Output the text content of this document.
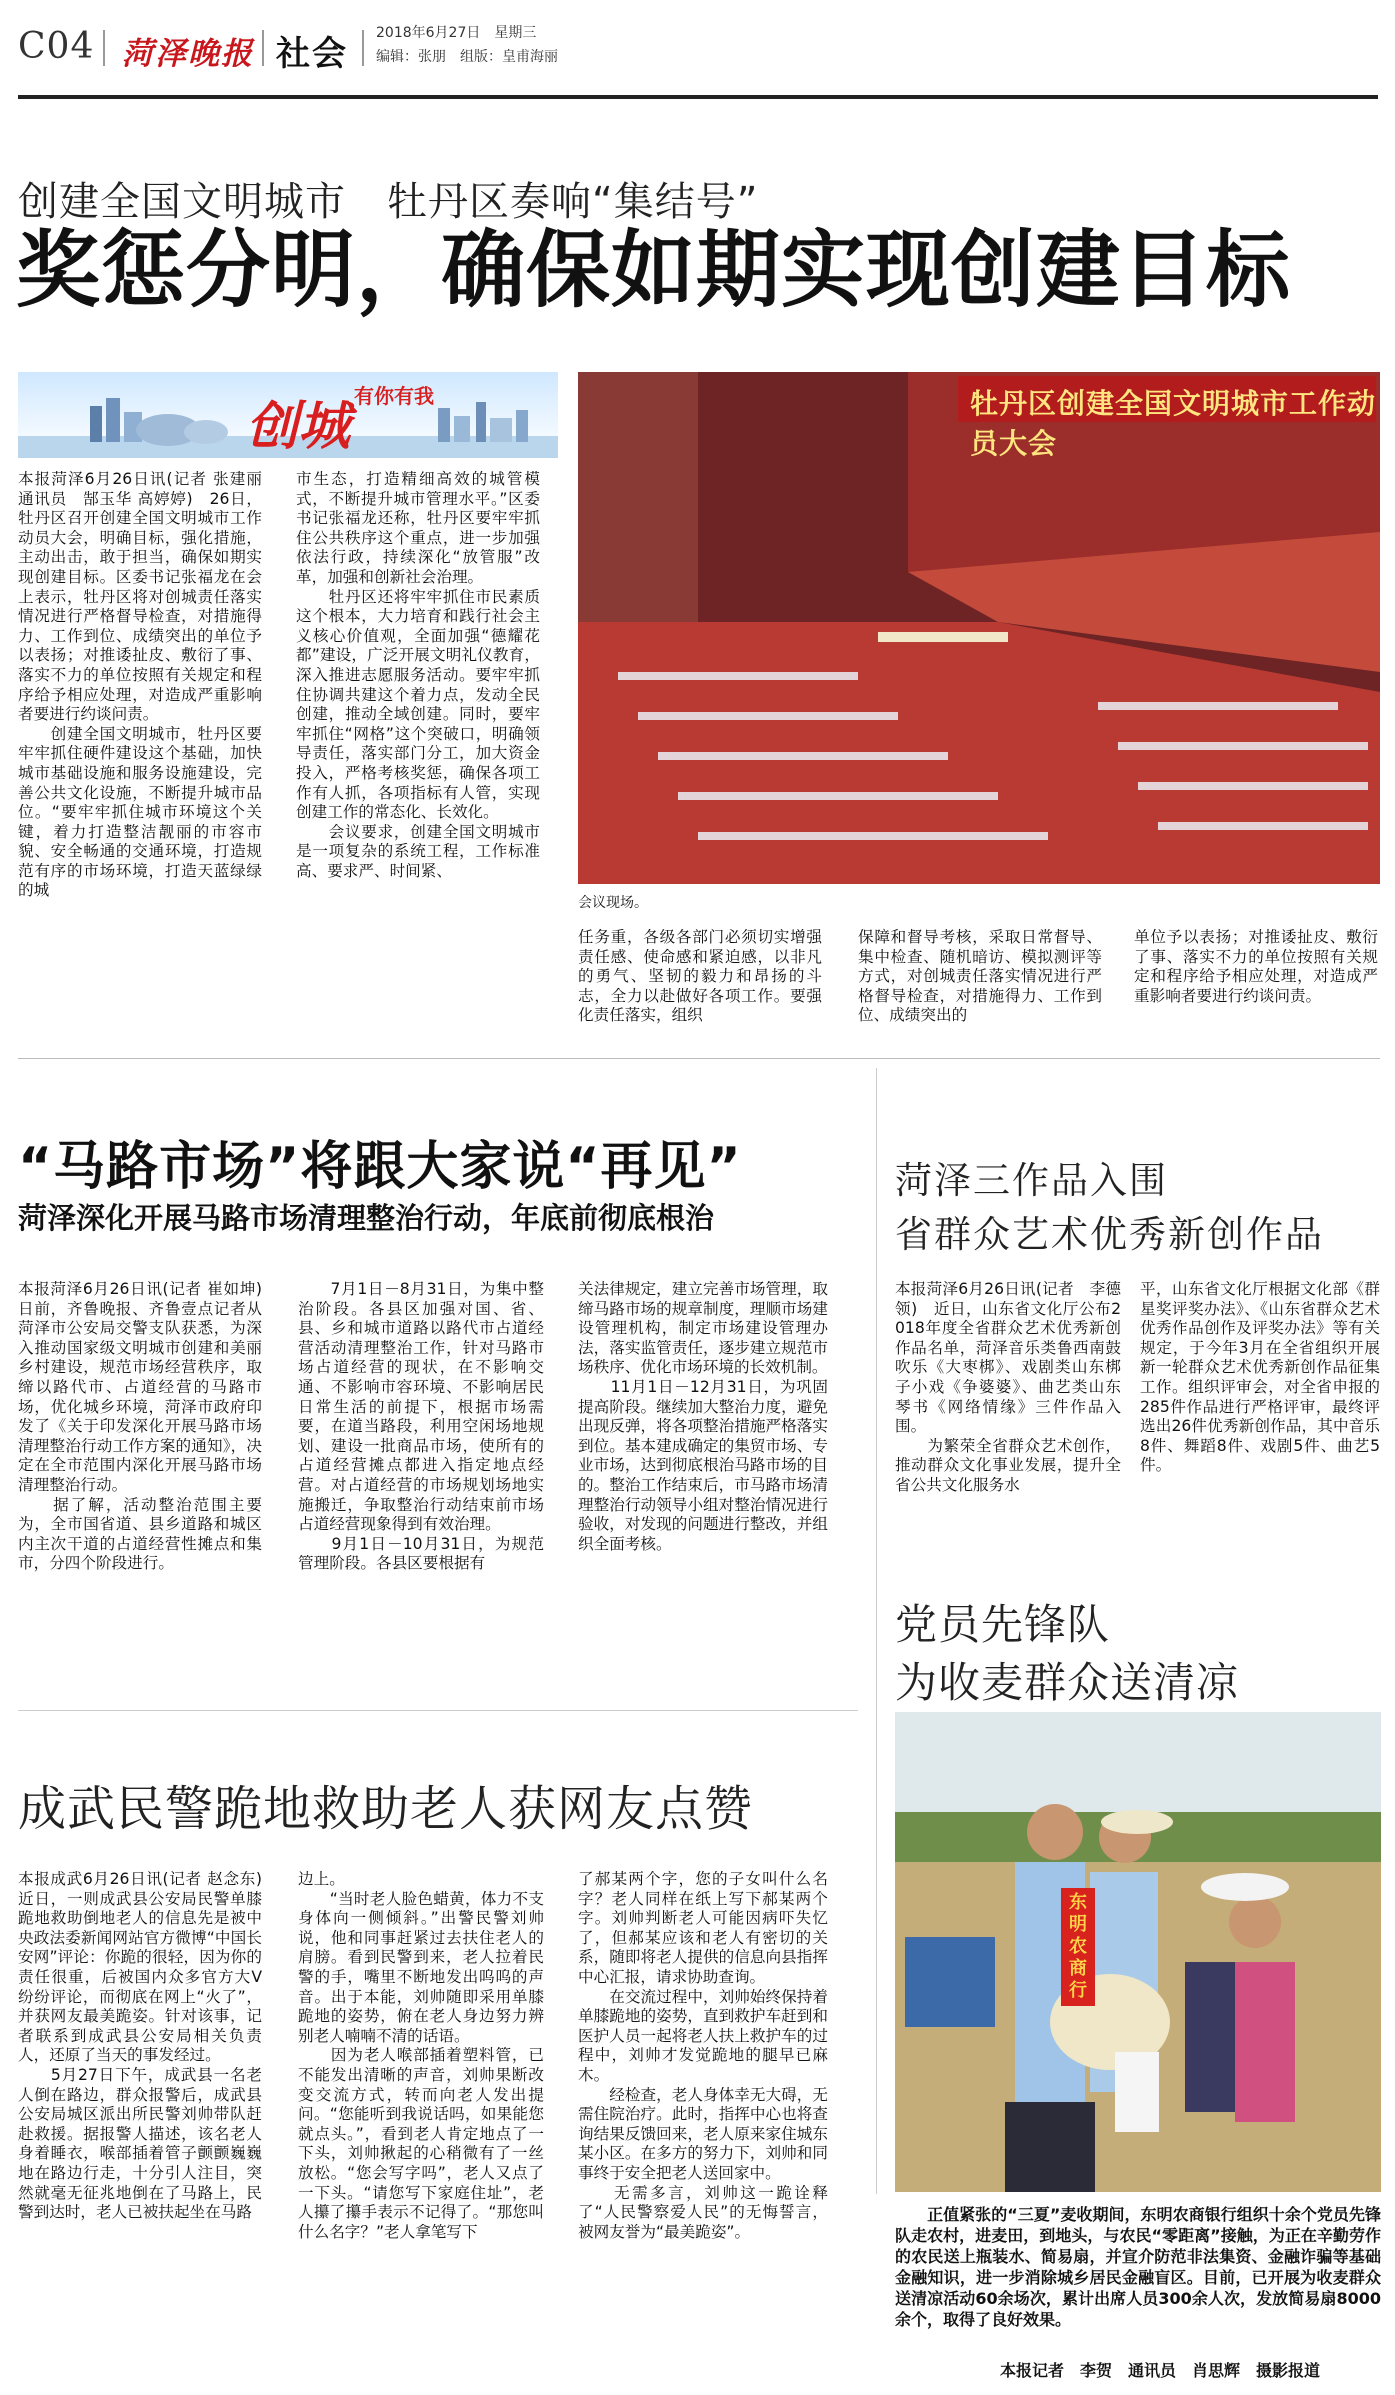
C04 菏泽晚报 社会
2018年6月27日　星期三
编辑：张朋　组版：皇甫海丽
创建全国文明城市　牡丹区奏响“集结号”
奖惩分明，确保如期实现创建目标
创城 有你有我	牡丹区创建全国文明城市工作动员大会
会议现场。

本报菏泽6月26日讯(记者 张建丽　通讯员　郜玉华 高婷婷)　26日，牡丹区召开创建全国文明城市工作动员大会，明确目标，强化措施，主动出击，敢于担当，确保如期实现创建目标。区委书记张福龙在会上表示，牡丹区将对创城责任落实情况进行严格督导检查，对措施得力、工作到位、成绩突出的单位予以表扬；对推诿扯皮、敷衍了事、落实不力的单位按照有关规定和程序给予相应处理，对造成严重影响者要进行约谈问责。
　　创建全国文明城市，牡丹区要牢牢抓住硬件建设这个基础，加快城市基础设施和服务设施建设，完善公共文化设施，不断提升城市品位。“要牢牢抓住城市环境这个关键，着力打造整洁靓丽的市容市貌、安全畅通的交通环境，打造规范有序的市场环境，打造天蓝绿绿的城

市生态，打造精细高效的城管模式，不断提升城市管理水平。”区委书记张福龙还称，牡丹区要牢牢抓住公共秩序这个重点，进一步加强依法行政，持续深化“放管服”改革，加强和创新社会治理。
　　牡丹区还将牢牢抓住市民素质这个根本，大力培育和践行社会主义核心价值观，全面加强“德耀花都”建设，广泛开展文明礼仪教育，深入推进志愿服务活动。要牢牢抓住协调共建这个着力点，发动全民创建，推动全域创建。同时，要牢牢抓住“网格”这个突破口，明确领导责任，落实部门分工，加大资金投入，严格考核奖惩，确保各项工作有人抓，各项指标有人管，实现创建工作的常态化、长效化。
　　会议要求，创建全国文明城市是一项复杂的系统工程，工作标准高、要求严、时间紧、

任务重，各级各部门必须切实增强责任感、使命感和紧迫感，以非凡的勇气、坚韧的毅力和昂扬的斗志，全力以赴做好各项工作。要强化责任落实，组织

保障和督导考核，采取日常督导、集中检查、随机暗访、模拟测评等方式，对创城责任落实情况进行严格督导检查，对措施得力、工作到位、成绩突出的

单位予以表扬；对推诿扯皮、敷衍了事、落实不力的单位按照有关规定和程序给予相应处理，对造成严重影响者要进行约谈问责。

“马路市场”将跟大家说“再见”
菏泽深化开展马路市场清理整治行动，年底前彻底根治

本报菏泽6月26日讯(记者 崔如坤)　日前，齐鲁晚报、齐鲁壹点记者从菏泽市公安局交警支队获悉，为深入推动国家级文明城市创建和美丽乡村建设，规范市场经营秩序，取缔以路代市、占道经营的马路市场，优化城乡环境，菏泽市政府印发了《关于印发深化开展马路市场清理整治行动工作方案的通知》，决定在全市范围内深化开展马路市场清理整治行动。
　　据了解，活动整治范围主要为，全市国省道、县乡道路和城区内主次干道的占道经营性摊点和集市，分四个阶段进行。

　　7月1日－8月31日，为集中整治阶段。各县区加强对国、省、县、乡和城市道路以路代市占道经营活动清理整治工作，针对马路市场占道经营的现状，在不影响交通、不影响市容环境、不影响居民日常生活的前提下，根据市场需要，在道当路段，利用空闲场地规划、建设一批商品市场，使所有的占道经营摊点都进入指定地点经营。对占道经营的市场规划场地实施搬迁，争取整治行动结束前市场占道经营现象得到有效治理。
　　9月1日－10月31日，为规范管理阶段。各县区要根据有

关法律规定，建立完善市场管理，取缔马路市场的规章制度，理顺市场建设管理机构，制定市场建设管理办法，落实监管责任，逐步建立规范市场秩序、优化市场环境的长效机制。
　　11月1日－12月31日，为巩固提高阶段。继续加大整治力度，避免出现反弹，将各项整治措施严格落实到位。基本建成确定的集贸市场、专业市场，达到彻底根治马路市场的目的。整治工作结束后，市马路市场清理整治行动领导小组对整治情况进行验收，对发现的问题进行整改，并组织全面考核。

菏泽三作品入围
省群众艺术优秀新创作品

本报菏泽6月26日讯(记者　李德领)　近日，山东省文化厅公布2018年度全省群众艺术优秀新创作品名单，菏泽音乐类鲁西南鼓吹乐《大枣梆》、戏剧类山东梆子小戏《争婆婆》、曲艺类山东琴书《网络情缘》三件作品入围。
　　为繁荣全省群众艺术创作，推动群众文化事业发展，提升全省公共文化服务水

平，山东省文化厅根据文化部《群星奖评奖办法》、《山东省群众艺术优秀作品创作及评奖办法》等有关规定，于今年3月在全省组织开展新一轮群众艺术优秀新创作品征集工作。组织评审会，对全省申报的285件作品进行严格评审，最终评选出26件优秀新创作品，其中音乐8件、舞蹈8件、戏剧5件、曲艺5件。

党员先锋队
为收麦群众送清凉
东明农商行

　　正值紧张的“三夏”麦收期间，东明农商银行组织十余个党员先锋队走农村，进麦田，到地头，与农民“零距离”接触，为正在辛勤劳作的农民送上瓶装水、简易扇，并宣介防范非法集资、金融诈骗等基础金融知识，进一步消除城乡居民金融盲区。目前，已开展为收麦群众送清凉活动60余场次，累计出席人员300余人次，发放简易扇8000余个，取得了良好效果。

本报记者　李贺　通讯员　肖思辉　摄影报道
成武民警跪地救助老人获网友点赞

本报成武6月26日讯(记者 赵念东)　近日，一则成武县公安局民警单膝跪地救助倒地老人的信息先是被中央政法委新闻网站官方微博“中国长安网”评论：你跪的很轻，因为你的责任很重，后被国内众多官方大V纷纷评论，而彻底在网上“火了”，并获网友最美跪姿。针对该事，记者联系到成武县公安局相关负责人，还原了当天的事发经过。
　　5月27日下午，成武县一名老人倒在路边，群众报警后，成武县公安局城区派出所民警刘帅带队赶赴救援。据报警人描述，该名老人身着睡衣，喉部插着管子颤颤巍巍地在路边行走，十分引人注目，突然就毫无征兆地倒在了马路上，民警到达时，老人已被扶起坐在马路

边上。
　　“当时老人脸色蜡黄，体力不支身体向一侧倾斜。”出警民警刘帅说，他和同事赶紧过去扶住老人的肩膀。看到民警到来，老人拉着民警的手，嘴里不断地发出呜呜的声音。出于本能，刘帅随即采用单膝跪地的姿势，俯在老人身边努力辨别老人喃喃不清的话语。
　　因为老人喉部插着塑料管，已不能发出清晰的声音，刘帅果断改变交流方式，转而向老人发出提问。“您能听到我说话吗，如果能您就点头。”，看到老人肯定地点了一下头，刘帅揪起的心稍微有了一丝放松。“您会写字吗”，老人又点了一下头。“请您写下家庭住址”，老人攥了攥手表示不记得了。“那您叫什么名字？”老人拿笔写下

了郝某两个字，您的子女叫什么名字？老人同样在纸上写下郝某两个字。刘帅判断老人可能因病吓失忆了，但郝某应该和老人有密切的关系，随即将老人提供的信息向县指挥中心汇报，请求协助查询。
　　在交流过程中，刘帅始终保持着单膝跪地的姿势，直到救护车赶到和医护人员一起将老人扶上救护车的过程中，刘帅才发觉跪地的腿早已麻木。
　　经检查，老人身体幸无大碍，无需住院治疗。此时，指挥中心也将查询结果反馈回来，老人原来家住城东某小区。在多方的努力下，刘帅和同事终于安全把老人送回家中。
　　无需多言，刘帅这一跪诠释了“人民警察爱人民”的无悔誓言，被网友誉为“最美跪姿”。
